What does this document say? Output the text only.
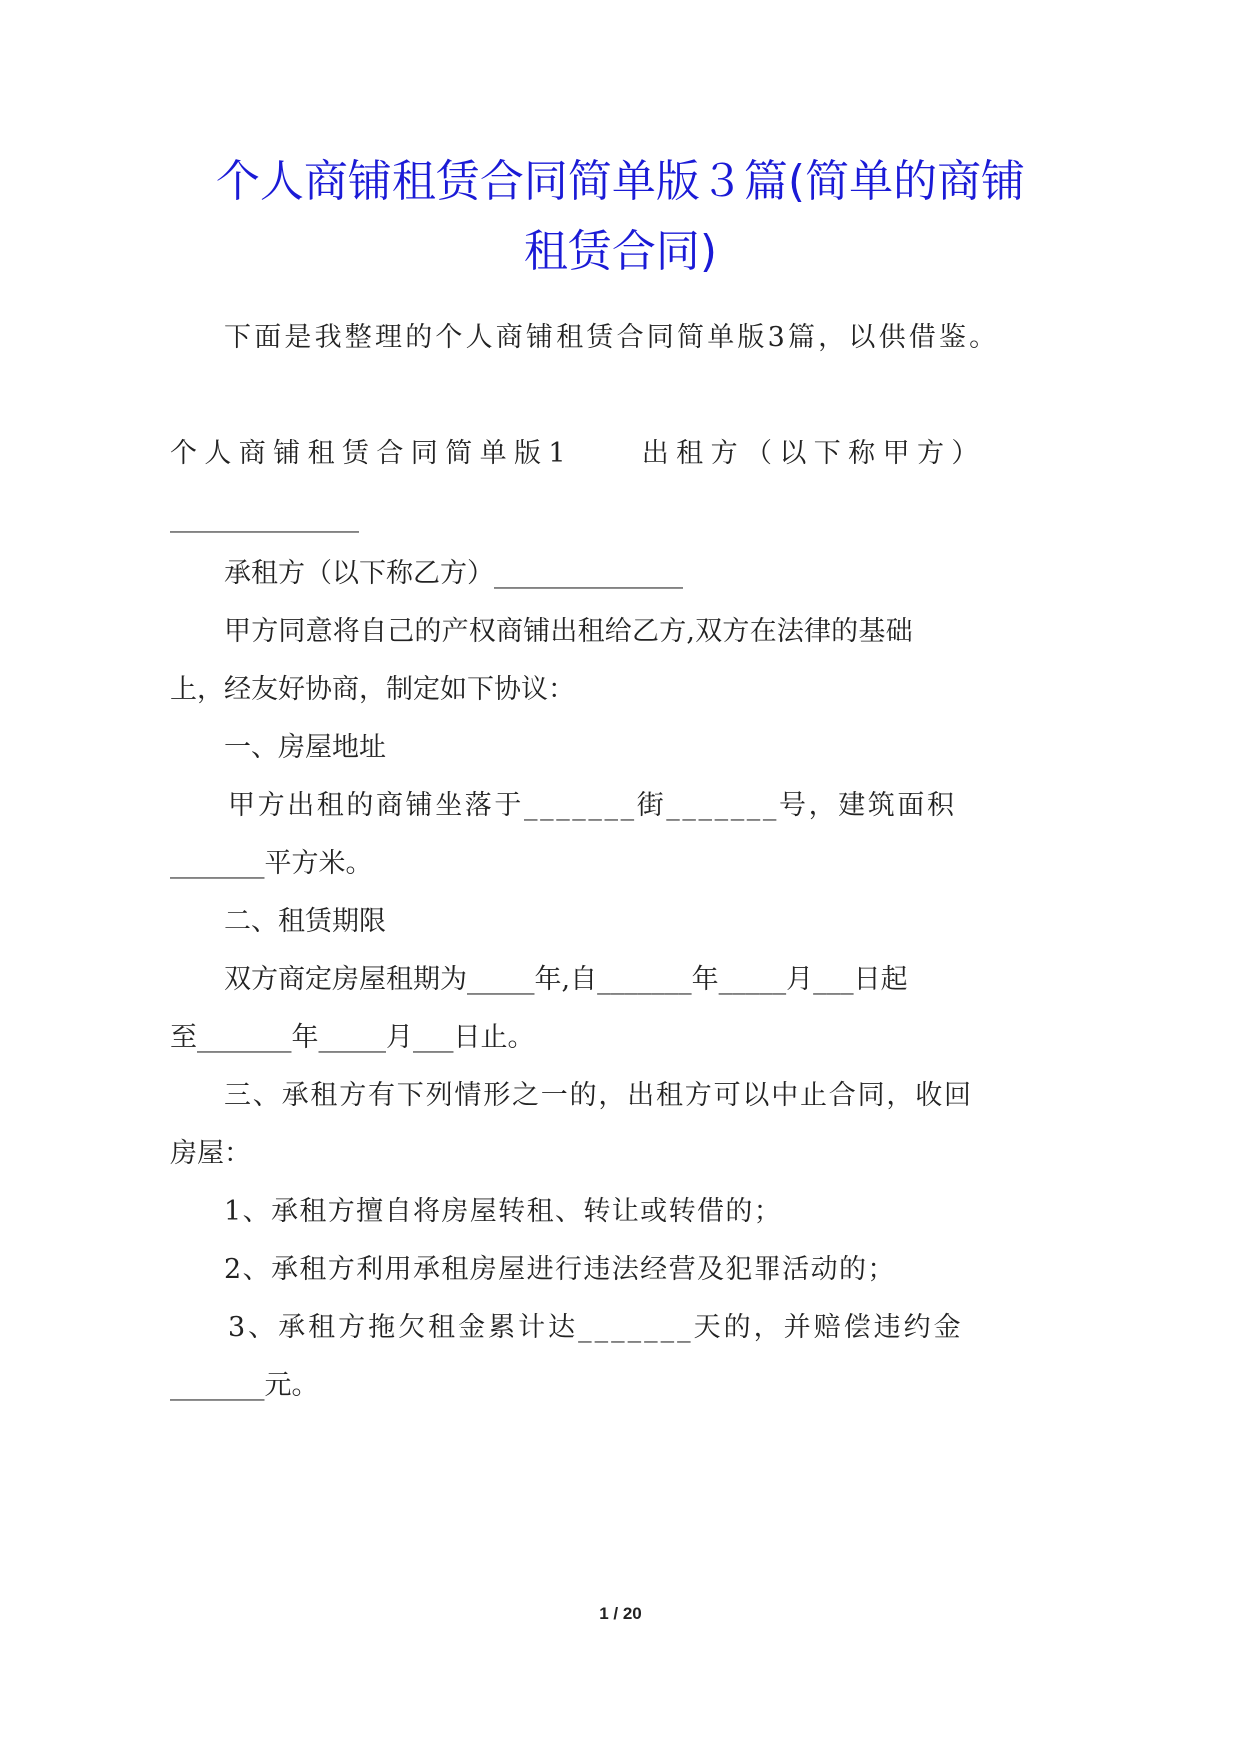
个人商铺租赁合同简单版３篇(简单的商铺
租赁合同)
下面是我整理的个人商铺租赁合同简单版3篇，以供借鉴。
个人商铺租赁合同简单版1　　出租方（以下称甲方）
______________
承租方（以下称乙方）______________
甲方同意将自己的产权商铺出租给乙方,双方在法律的基础
上，经友好协商，制定如下协议：
一、房屋地址
甲方出租的商铺坐落于_______街_______号，建筑面积
_______平方米。
二、租赁期限
双方商定房屋租期为_____年,自_______年_____月___日起
至_______年_____月___日止。
三、承租方有下列情形之一的，出租方可以中止合同，收回
房屋：
1、承租方擅自将房屋转租、转让或转借的；
2、承租方利用承租房屋进行违法经营及犯罪活动的；
3、承租方拖欠租金累计达_______天的，并赔偿违约金
_______元。
1 / 20
